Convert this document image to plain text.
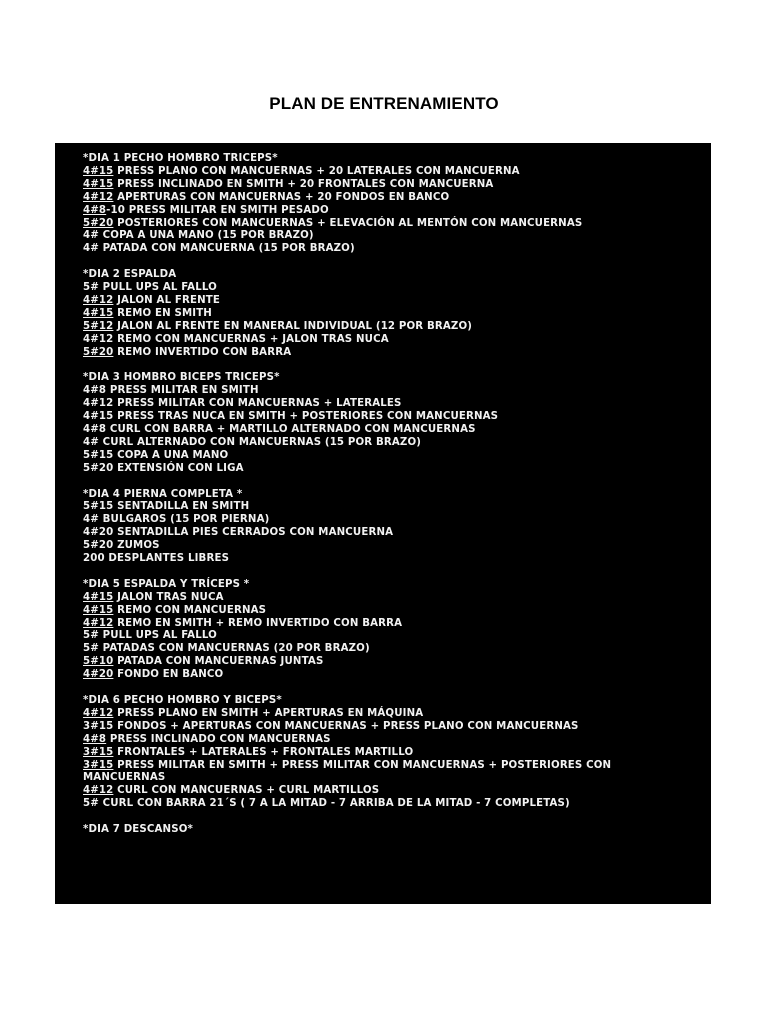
PLAN DE ENTRENAMIENTO
*DIA 1 PECHO HOMBRO TRICEPS*
4#15 PRESS PLANO CON MANCUERNAS + 20 LATERALES CON MANCUERNA
4#15 PRESS INCLINADO EN SMITH + 20 FRONTALES CON MANCUERNA
4#12 APERTURAS CON MANCUERNAS + 20 FONDOS EN BANCO
4#8-10 PRESS MILITAR EN SMITH PESADO
5#20 POSTERIORES CON MANCUERNAS + ELEVACIÓN AL MENTÓN CON MANCUERNAS
4# COPA A UNA MANO (15 POR BRAZO)
4# PATADA CON MANCUERNA (15 POR BRAZO)
*DIA 2 ESPALDA
5# PULL UPS AL FALLO
4#12 JALON AL FRENTE
4#15 REMO EN SMITH
5#12 JALON AL FRENTE EN MANERAL INDIVIDUAL (12 POR BRAZO)
4#12 REMO CON MANCUERNAS + JALON TRAS NUCA
5#20 REMO INVERTIDO CON BARRA
*DIA 3 HOMBRO BICEPS TRICEPS*
4#8 PRESS MILITAR EN SMITH
4#12 PRESS MILITAR CON MANCUERNAS + LATERALES
4#15 PRESS TRAS NUCA EN SMITH + POSTERIORES CON MANCUERNAS
4#8 CURL CON BARRA + MARTILLO ALTERNADO CON MANCUERNAS
4# CURL ALTERNADO CON MANCUERNAS (15 POR BRAZO)
5#15 COPA A UNA MANO
5#20 EXTENSIÓN CON LIGA
*DIA 4 PIERNA COMPLETA *
5#15 SENTADILLA EN SMITH
4# BULGAROS (15 POR PIERNA)
4#20 SENTADILLA PIES CERRADOS CON MANCUERNA
5#20 ZUMOS
200 DESPLANTES LIBRES
*DIA 5 ESPALDA Y TRÍCEPS *
4#15 JALON TRAS NUCA
4#15 REMO CON MANCUERNAS
4#12 REMO EN SMITH + REMO INVERTIDO CON BARRA
5# PULL UPS AL FALLO
5# PATADAS CON MANCUERNAS (20 POR BRAZO)
5#10 PATADA CON MANCUERNAS JUNTAS
4#20 FONDO EN BANCO
*DIA 6 PECHO HOMBRO Y BICEPS*
4#12 PRESS PLANO EN SMITH + APERTURAS EN MÁQUINA
3#15 FONDOS + APERTURAS CON MANCUERNAS + PRESS PLANO CON MANCUERNAS
4#8 PRESS INCLINADO CON MANCUERNAS
3#15 FRONTALES + LATERALES + FRONTALES MARTILLO
3#15 PRESS MILITAR EN SMITH + PRESS MILITAR CON MANCUERNAS + POSTERIORES CON MANCUERNAS
4#12 CURL CON MANCUERNAS + CURL MARTILLOS
5# CURL CON BARRA 21´S ( 7 A LA MITAD - 7 ARRIBA DE LA MITAD - 7 COMPLETAS)
*DIA 7 DESCANSO*
